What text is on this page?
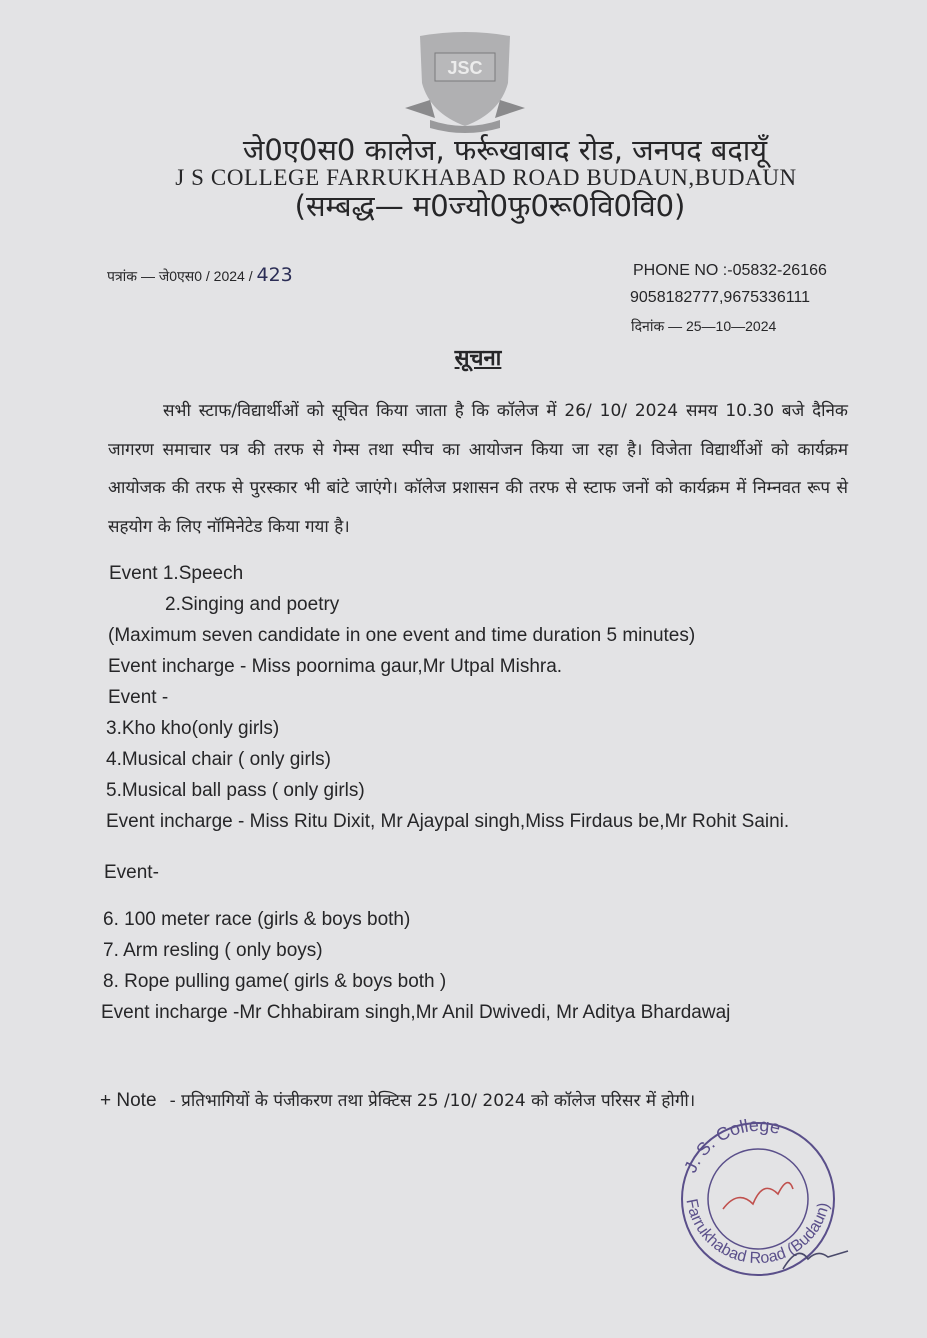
JSC
जे0ए0स0 कालेज, फर्रूखाबाद रोड, जनपद बदायूँ
J S COLLEGE FARRUKHABAD ROAD BUDAUN,BUDAUN
(सम्बद्ध— म0ज्यो0फु0रू0वि0वि0)
पत्रांक — जे0एस0 / 2024 / 423	PHONE NO :-05832-26166
9058182777,9675336111
दिनांक — 25—10—2024
सूचना
सभी स्टाफ/विद्यार्थीओं को सूचित किया जाता है कि कॉलेज में 26/ 10/ 2024 समय 10.30 बजे दैनिक जागरण समाचार पत्र की तरफ से गेम्स तथा स्पीच का आयोजन किया जा रहा है। विजेता विद्यार्थीओं को कार्यक्रम आयोजक की तरफ से पुरस्कार भी बांटे जाएंगे। कॉलेज प्रशासन की तरफ से स्टाफ जनों को कार्यक्रम में निम्नवत रूप से सहयोग के लिए नॉमिनेटेड किया गया है।
Event 1.Speech
2.Singing and poetry
(Maximum seven candidate in one event and time duration 5 minutes)
Event incharge - Miss poornima gaur,Mr Utpal Mishra.
Event -
3.Kho kho(only girls)
4.Musical chair ( only girls)
5.Musical ball pass ( only girls)
Event incharge - Miss Ritu Dixit, Mr Ajaypal singh,Miss Firdaus be,Mr Rohit Saini.
Event-
6. 100 meter race (girls & boys both)
7. Arm resling ( only boys)
8. Rope pulling game( girls & boys both )
Event incharge -Mr Chhabiram singh,Mr Anil Dwivedi, Mr Aditya Bhardawaj
+ Note - प्रतिभागियों के पंजीकरण तथा प्रेक्टिस 25 /10/ 2024 को कॉलेज परिसर में होगी।
J. S. College
Farrukhabad Road (Budaun)
